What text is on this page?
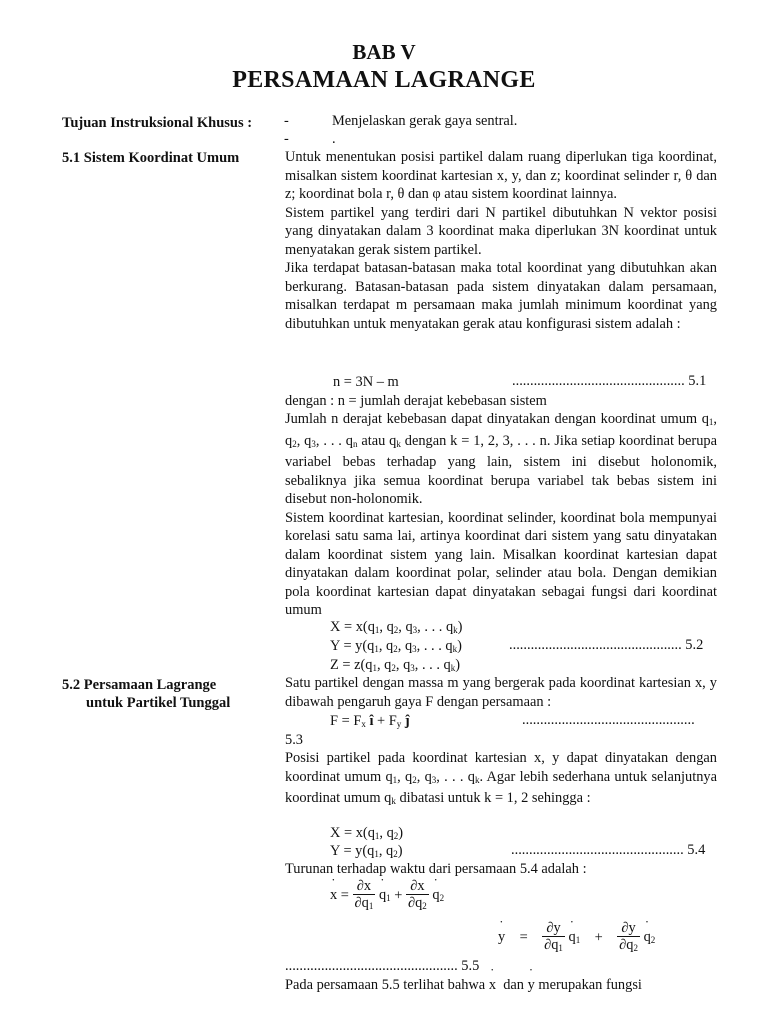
BAB V
PERSAMAAN LAGRANGE
Tujuan Instruksional Khusus : -	Menjelaskan gerak gaya sentral.
-	.
5.1 Sistem Koordinat Umum	Untuk menentukan posisi partikel dalam ruang diperlukan tiga koordinat, misalkan sistem koordinat kartesian x, y, dan z; koordinat selinder r, θ dan z; koordinat bola r, θ dan φ atau sistem koordinat lainnya.

Sistem partikel yang terdiri dari N partikel dibutuhkan N vektor posisi yang dinyatakan dalam 3 koordinat maka diperlukan 3N koordinat untuk menyatakan gerak sistem partikel.

Jika terdapat batasan-batasan maka total koordinat yang dibutuhkan akan berkurang. Batasan-batasan pada sistem dinyatakan dalam persamaan, misalkan terdapat m persamaan maka jumlah minimum koordinat yang dibutuhkan untuk menyatakan gerak atau konfigurasi sistem adalah :

n = 3N – m	................................................ 5.1
dengan : n = jumlah derajat kebebasan sistem

Jumlah n derajat kebebasan dapat dinyatakan dengan koordinat umum $q_1$, $q_2$, $q_3$, . . . $q_n$ atau $q_k$ dengan k = 1, 2, 3, . . . n. Jika setiap koordinat berupa variabel bebas terhadap yang lain, sistem ini disebut holonomik, sebaliknya jika semua koordinat berupa variabel tak bebas sistem ini disebut non-holonomik.

Sistem koordinat kartesian, koordinat selinder, koordinat bola mempunyai korelasi satu sama lai, artinya koordinat dari sistem yang satu dinyatakan dalam koordinat sistem yang lain. Misalkan koordinat kartesian dapat dinyatakan dalam koordinat polar, selinder atau bola. Dengan demikian pola koordinat kartesian dapat dinyatakan sebagai fungsi dari koordinat umum

$X = x(q_1$, $q_2$, $q_3$, . . . $q_k$)
$Y = y(q_1$, $q_2$, $q_3$, . . . $q_k$)	................................................ 5.2
$Z = z(q_1$, $q_2$, $q_3$, . . . $q_k$)
5.2 Persamaan Lagrange
untuk Partikel Tunggal
Satu partikel dengan massa m yang bergerak pada koordinat kartesian x, y dibawah pengaruh gaya F dengan persamaan :
$F = F_x$ î + $F_y$ ĵ	................................................
5.3
Posisi partikel pada koordinat kartesian x, y dapat dinyatakan dengan koordinat umum $q_1$, $q_2$, $q_3$, . . . $q_k$. Agar lebih sederhana untuk selanjutnya koordinat umum $q_k$ dibatasi untuk k = 1, 2 sehingga :
$X = x(q_1$, $q_2$)
$Y = y(q_1$, $q_2$)	................................................ 5.4
Turunan terhadap waktu dari persamaan 5.4 adalah :
˙ $x = \frac{\partial x}{\partial q_1}$ ˙ $q_1 + \frac{\partial x}{\partial q_2}$ ˙ $q_2$
˙ y    = $\frac{\partial y}{\partial q_1}$ ˙ $q_1$    + $\frac{\partial y}{\partial q_2}$ ˙ $q_2$
................................................ 5.5
Pada persamaan 5.5 terlihat bahwa ˙ x dan ˙ y merupakan fungsi
